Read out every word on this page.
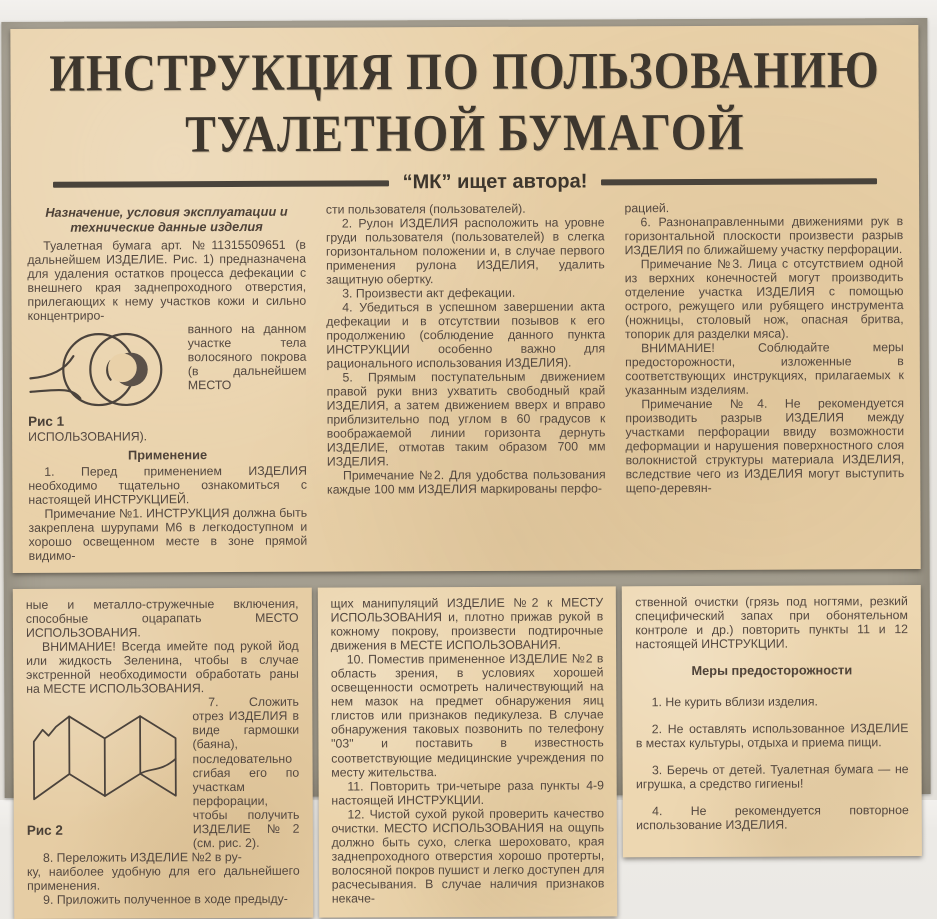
ИНСТРУКЦИЯ ПО ПОЛЬЗОВАНИЮ
ТУАЛЕТНОЙ БУМАГОЙ
“МК” ищет автора!
Назначение, условия эксплуатации и технические данные изделия

Туалетная бумага арт. №11315509651 (в дальнейшем ИЗДЕЛИЕ. Рис. 1) предназначена для удаления остатков процесса дефекации с внешнего края заднепроходного отверстия, прилегающих к нему участков кожи и сильно концентриро-

Рис 1

ванного на данном участке тела волосяного покрова (в дальнейшем МЕСТО ИСПОЛЬЗОВАНИЯ).

Применение

1. Перед применением ИЗДЕЛИЯ необходимо тщательно ознакомиться с настоящей ИНСТРУКЦИЕЙ.

Примечание №1. ИНСТРУКЦИЯ должна быть закреплена шурупами М6 в легкодоступном и хорошо освещенном месте в зоне прямой видимо-

сти пользователя (пользователей).

2. Рулон ИЗДЕЛИЯ расположить на уровне груди пользователя (пользователей) в слегка горизонтальном положении и, в случае первого применения рулона ИЗДЕЛИЯ, удалить защитную обертку.

3. Произвести акт дефекации.

4. Убедиться в успешном завершении акта дефекации и в отсутствии позывов к его продолжению (соблюдение данного пункта ИНСТРУКЦИИ особенно важно для рационального использования ИЗДЕЛИЯ).

5. Прямым поступательным движением правой руки вниз ухватить свободный край ИЗДЕЛИЯ, а затем движением вверх и вправо приблизительно под углом в 60 градусов к воображаемой линии горизонта дернуть ИЗДЕЛИЕ, отмотав таким образом 700 мм ИЗДЕЛИЯ.

Примечание №2. Для удобства пользования каждые 100 мм ИЗДЕЛИЯ маркированы перфо-

рацией.

6. Разнонаправленными движениями рук в горизонтальной плоскости произвести разрыв ИЗДЕЛИЯ по ближайшему участку перфорации.

Примечание №3. Лица с отсутствием одной из верхних конечностей могут производить отделение участка ИЗДЕЛИЯ с помощью острого, режущего или рубящего инструмента (ножницы, столовый нож, опасная бритва, топорик для разделки мяса).

ВНИМАНИЕ! Соблюдайте меры предосторожности, изложенные в соответствующих инструкциях, прилагаемых к указанным изделиям.

Примечание №4. Не рекомендуется производить разрыв ИЗДЕЛИЯ между участками перфорации ввиду возможности деформации и нарушения поверхностного слоя волокнистой структуры материала ИЗДЕЛИЯ, вследствие чего из ИЗДЕЛИЯ могут выступить щепо-деревян-

ные и металло-стружечные включения, способные оцарапать МЕСТО ИСПОЛЬЗОВАНИЯ.

ВНИМАНИЕ! Всегда имейте под рукой йод или жидкость Зеленина, чтобы в случае экстренной необходимости обработать раны на МЕСТЕ ИСПОЛЬЗОВАНИЯ.

Рис 2

7. Сложить отрез ИЗДЕЛИЯ в виде гармошки (баяна), последовательно сгибая его по участкам перфорации, чтобы получить ИЗДЕЛИЕ №2 (см. рис. 2).

8. Переложить ИЗДЕЛИЕ №2 в ру-

ку, наиболее удобную для его дальнейшего применения.

9. Приложить полученное в ходе предыду-

щих манипуляций ИЗДЕЛИЕ №2 к МЕСТУ ИСПОЛЬЗОВАНИЯ и, плотно прижав рукой в кожному покрову, произвести подтирочные движения в МЕСТЕ ИСПОЛЬЗОВАНИЯ.

10. Поместив примененное ИЗДЕЛИЕ №2 в область зрения, в условиях хорошей освещенности осмотреть наличествующий на нем мазок на предмет обнаружения яиц глистов или признаков педикулеза. В случае обнаружения таковых позвонить по телефону "03" и поставить в известность соответствующие медицинские учреждения по месту жительства.

11. Повторить три-четыре раза пункты 4-9 настоящей ИНСТРУКЦИИ.

12. Чистой сухой рукой проверить качество очистки. МЕСТО ИСПОЛЬЗОВАНИЯ на ощупь должно быть сухо, слегка шероховато, края заднепроходного отверстия хорошо протерты, волосяной покров пушист и легко доступен для расчесывания. В случае наличия признаков некаче-

ственной очистки (грязь под ногтями, резкий специфический запах при обонятельном контроле и др.) повторить пункты 11 и 12 настоящей ИНСТРУКЦИИ.

Меры предосторожности

1. Не курить вблизи изделия.

2. Не оставлять использованное ИЗДЕЛИЕ в местах культуры, отдыха и приема пищи.

3. Беречь от детей. Туалетная бумага — не игрушка, а средство гигиены!

4. Не рекомендуется повторное использование ИЗДЕЛИЯ.
